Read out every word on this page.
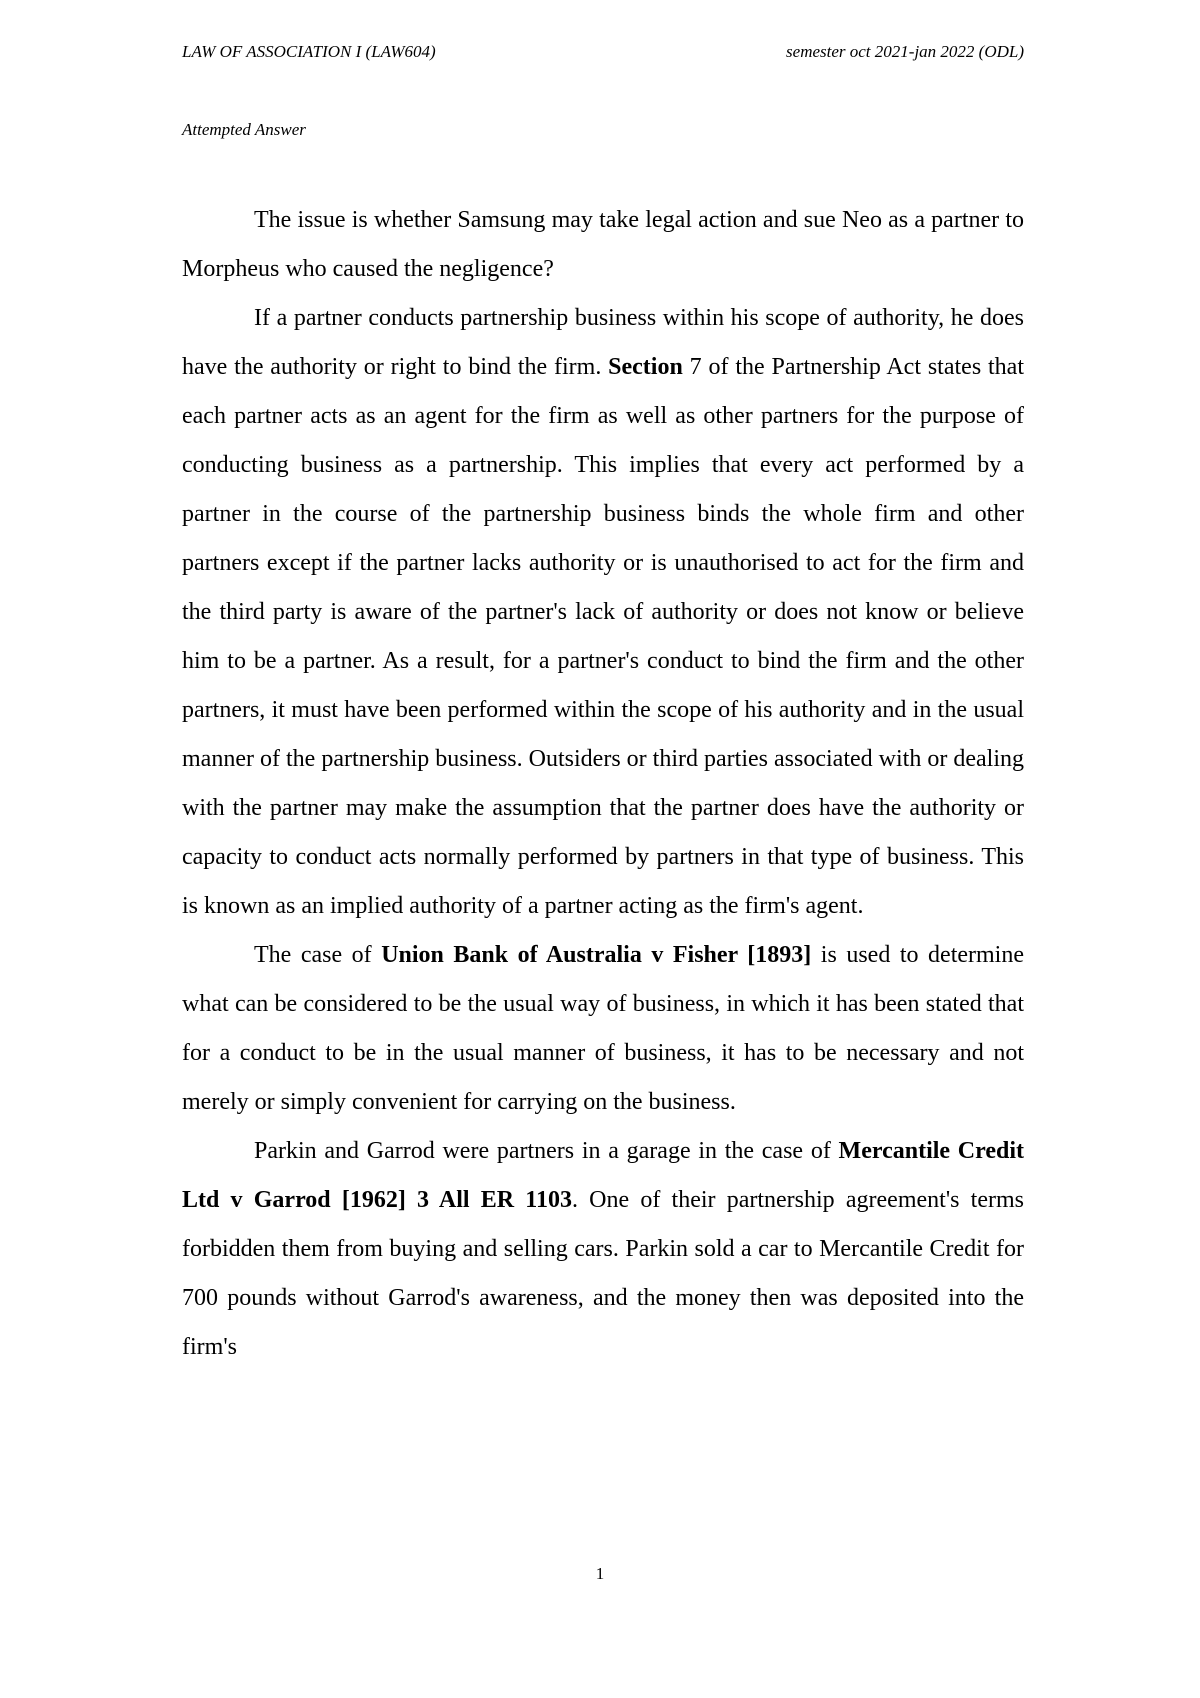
LAW OF ASSOCIATION I (LAW604)	semester oct 2021-jan 2022 (ODL)
Attempted Answer

The issue is whether Samsung may take legal action and sue Neo as a partner to Morpheus who caused the negligence?

If a partner conducts partnership business within his scope of authority, he does have the authority or right to bind the firm. Section 7 of the Partnership Act states that each partner acts as an agent for the firm as well as other partners for the purpose of conducting business as a partnership. This implies that every act performed by a partner in the course of the partnership business binds the whole firm and other partners except if the partner lacks authority or is unauthorised to act for the firm and the third party is aware of the partner's lack of authority or does not know or believe him to be a partner. As a result, for a partner's conduct to bind the firm and the other partners, it must have been performed within the scope of his authority and in the usual manner of the partnership business. Outsiders or third parties associated with or dealing with the partner may make the assumption that the partner does have the authority or capacity to conduct acts normally performed by partners in that type of business. This is known as an implied authority of a partner acting as the firm's agent.

The case of Union Bank of Australia v Fisher [1893] is used to determine what can be considered to be the usual way of business, in which it has been stated that for a conduct to be in the usual manner of business, it has to be necessary and not merely or simply convenient for carrying on the business.

Parkin and Garrod were partners in a garage in the case of Mercantile Credit Ltd v Garrod [1962] 3 All ER 1103. One of their partnership agreement's terms forbidden them from buying and selling cars. Parkin sold a car to Mercantile Credit for 700 pounds without Garrod's awareness, and the money then was deposited into the firm's

1
